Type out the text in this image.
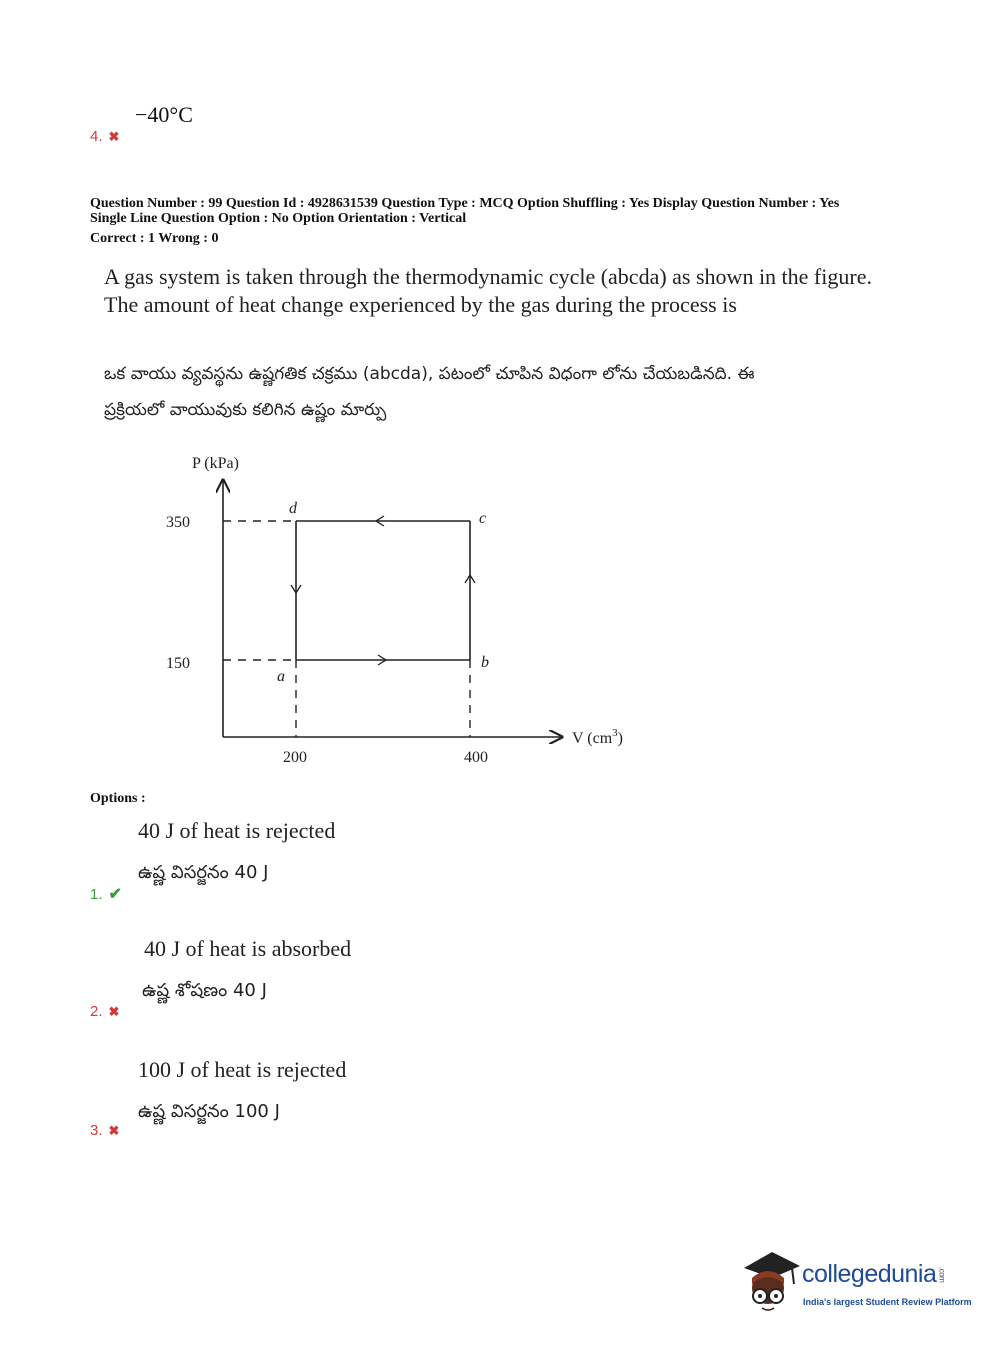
−40°C
4. ✖
Question Number : 99 Question Id : 4928631539 Question Type : MCQ Option Shuffling : Yes Display Question Number : Yes
Single Line Question Option : No Option Orientation : Vertical
Correct : 1 Wrong : 0
A gas system is taken through the thermodynamic cycle (abcda) as shown in the figure.
The amount of heat change experienced by the gas during the process is
ఒక వాయు వ్యవస్థను ఉష్ణగతిక చక్రము (abcda), పటంలో చూపిన విధంగా లోను చేయబడినది. ఈ
ప్రక్రియలో వాయువుకు కలిగిన ఉష్ణం మార్పు
P (kPa)
V $(cm^3)$
350
150
200	400
d
c
b
a
Options :
40 J of heat is rejected
ఉష్ణ విసర్జనం 40 J
1. ✔
40 J of heat is absorbed
ఉష్ణ శోషణం 40 J
2. ✖
100 J of heat is rejected
ఉష్ణ విసర్జనం 100 J
3. ✖
collegedunia.com
India's largest Student Review Platform
